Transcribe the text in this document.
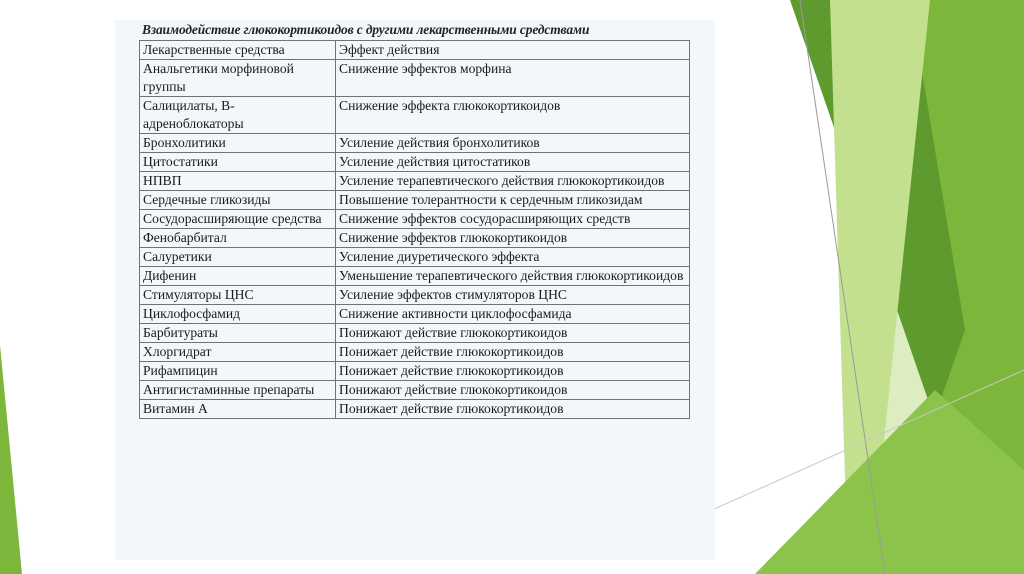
Взаимодействие глюкокортикоидов с другими лекарственными средствами
Лекарственные средства	Эффект действия
Анальгетики морфиновой группы	Снижение эффектов морфина
Салицилаты, В-адреноблокаторы	Снижение эффекта глюкокортикоидов
Бронхолитики	Усиление действия бронхолитиков
Цитостатики	Усиление действия цитостатиков
НПВП	Усиление терапевтического действия глюкокортикоидов
Сердечные гликозиды	Повышение толерантности к сердечным гликозидам
Сосудорасширяющие средства	Снижение эффектов сосудорасширяющих средств
Фенобарбитал	Снижение эффектов глюкокортикоидов
Салуретики	Усиление диуретического эффекта
Дифенин	Уменьшение терапевтического действия глюкокортикоидов
Стимуляторы ЦНС	Усиление эффектов стимуляторов ЦНС
Циклофосфамид	Снижение активности циклофосфамида
Барбитураты	Понижают действие глюкокортикоидов
Хлоргидрат	Понижает действие глюкокортикоидов
Рифампицин	Понижает действие глюкокортикоидов
Антигистаминные препараты	Понижают действие глюкокортикоидов
Витамин А	Понижает действие глюкокортикоидов
